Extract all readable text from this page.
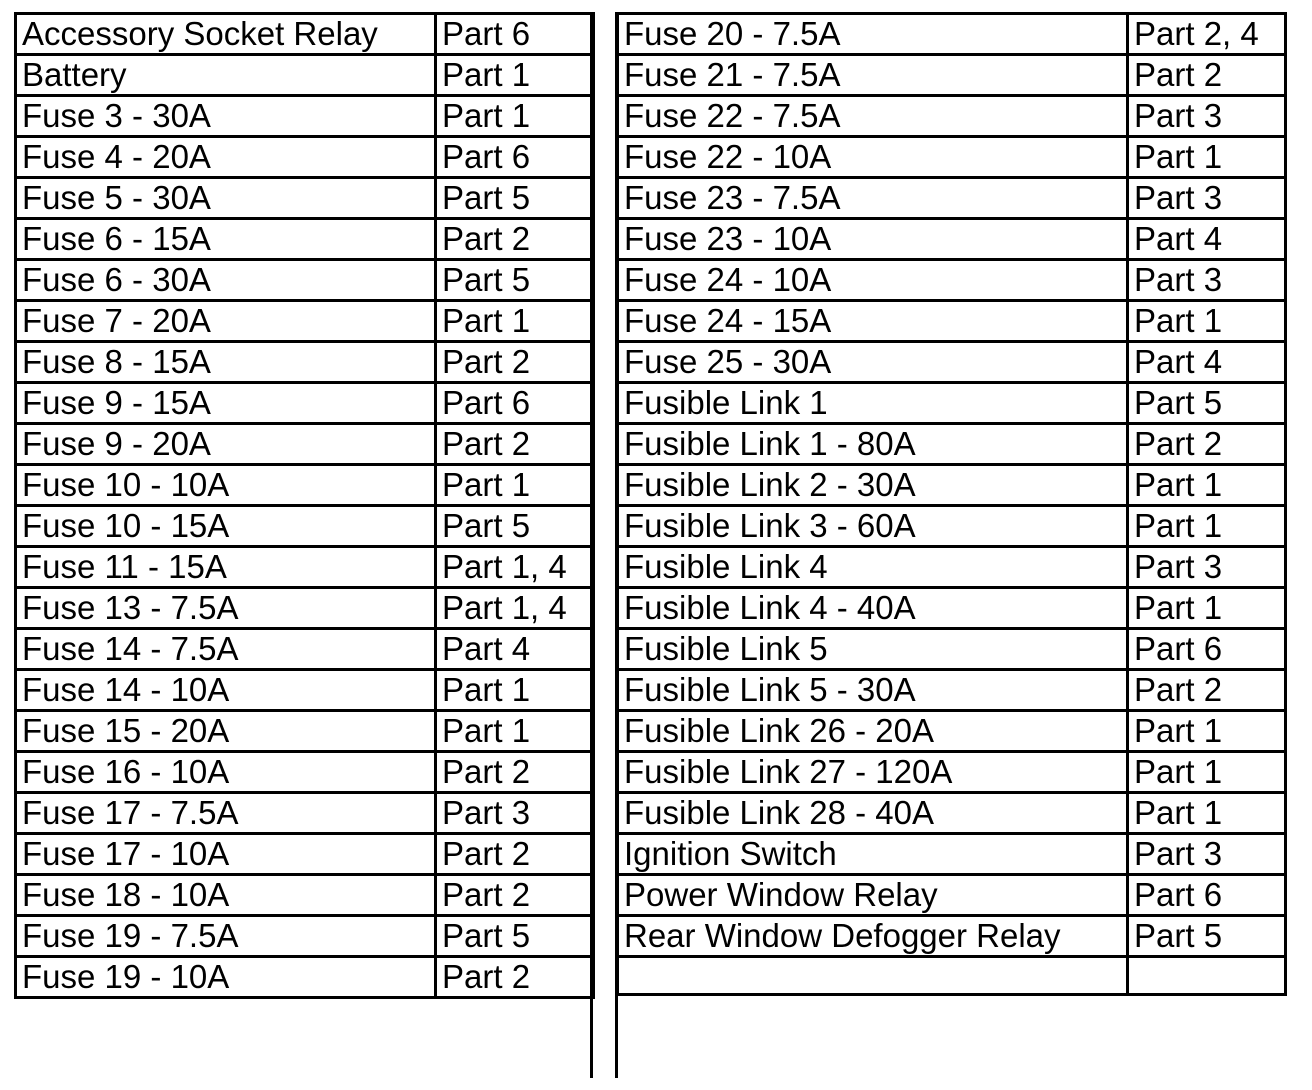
Accessory Socket Relay	Part 6
Battery	Part 1
Fuse 3 - 30A	Part 1
Fuse 4 - 20A	Part 6
Fuse 5 - 30A	Part 5
Fuse 6 - 15A	Part 2
Fuse 6 - 30A	Part 5
Fuse 7 - 20A	Part 1
Fuse 8 - 15A	Part 2
Fuse 9 - 15A	Part 6
Fuse 9 - 20A	Part 2
Fuse 10 - 10A	Part 1
Fuse 10 - 15A	Part 5
Fuse 11 - 15A	Part 1, 4
Fuse 13 - 7.5A	Part 1, 4
Fuse 14 - 7.5A	Part 4
Fuse 14 - 10A	Part 1
Fuse 15 - 20A	Part 1
Fuse 16 - 10A	Part 2
Fuse 17 - 7.5A	Part 3
Fuse 17 - 10A	Part 2
Fuse 18 - 10A	Part 2
Fuse 19 - 7.5A	Part 5
Fuse 19 - 10A	Part 2
Fuse 20 - 7.5A	Part 2, 4
Fuse 21 - 7.5A	Part 2
Fuse 22 - 7.5A	Part 3
Fuse 22 - 10A	Part 1
Fuse 23 - 7.5A	Part 3
Fuse 23 - 10A	Part 4
Fuse 24 - 10A	Part 3
Fuse 24 - 15A	Part 1
Fuse 25 - 30A	Part 4
Fusible Link 1	Part 5
Fusible Link 1 - 80A	Part 2
Fusible Link 2 - 30A	Part 1
Fusible Link 3 - 60A	Part 1
Fusible Link 4	Part 3
Fusible Link 4 - 40A	Part 1
Fusible Link 5	Part 6
Fusible Link 5 - 30A	Part 2
Fusible Link 26 - 20A	Part 1
Fusible Link 27 - 120A	Part 1
Fusible Link 28 - 40A	Part 1
Ignition Switch	Part 3
Power Window Relay	Part 6
Rear Window Defogger Relay	Part 5
